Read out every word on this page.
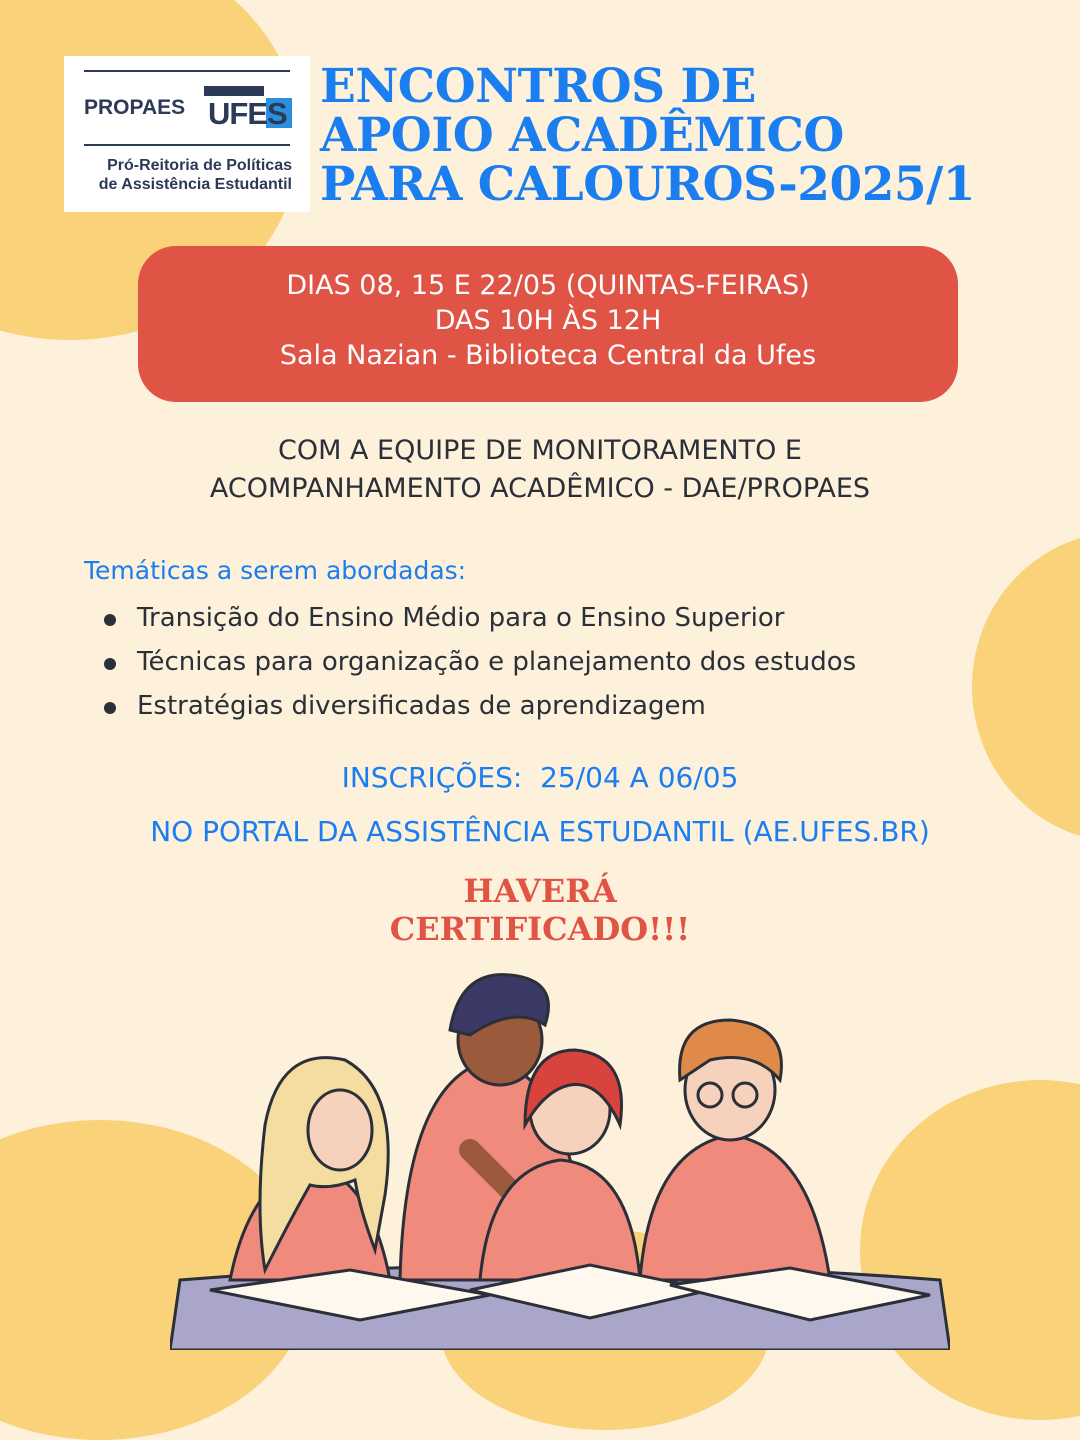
PROPAES UFES
Pró-Reitoria de Políticas
de Assistência Estudantil
ENCONTROS DE
APOIO ACADÊMICO
PARA CALOUROS-2025/1
DIAS 08, 15 E 22/05 (QUINTAS-FEIRAS)
DAS 10H ÀS 12H
Sala Nazian - Biblioteca Central da Ufes
COM A EQUIPE DE MONITORAMENTO E
ACOMPANHAMENTO ACADÊMICO - DAE/PROPAES
Temáticas a serem abordadas:
Transição do Ensino Médio para o Ensino Superior
Técnicas para organização e planejamento dos estudos
Estratégias diversificadas de aprendizagem
INSCRIÇÕES:  25/04 A 06/05
NO PORTAL DA ASSISTÊNCIA ESTUDANTIL (AE.UFES.BR)
HAVERÁ
CERTIFICADO!!!
